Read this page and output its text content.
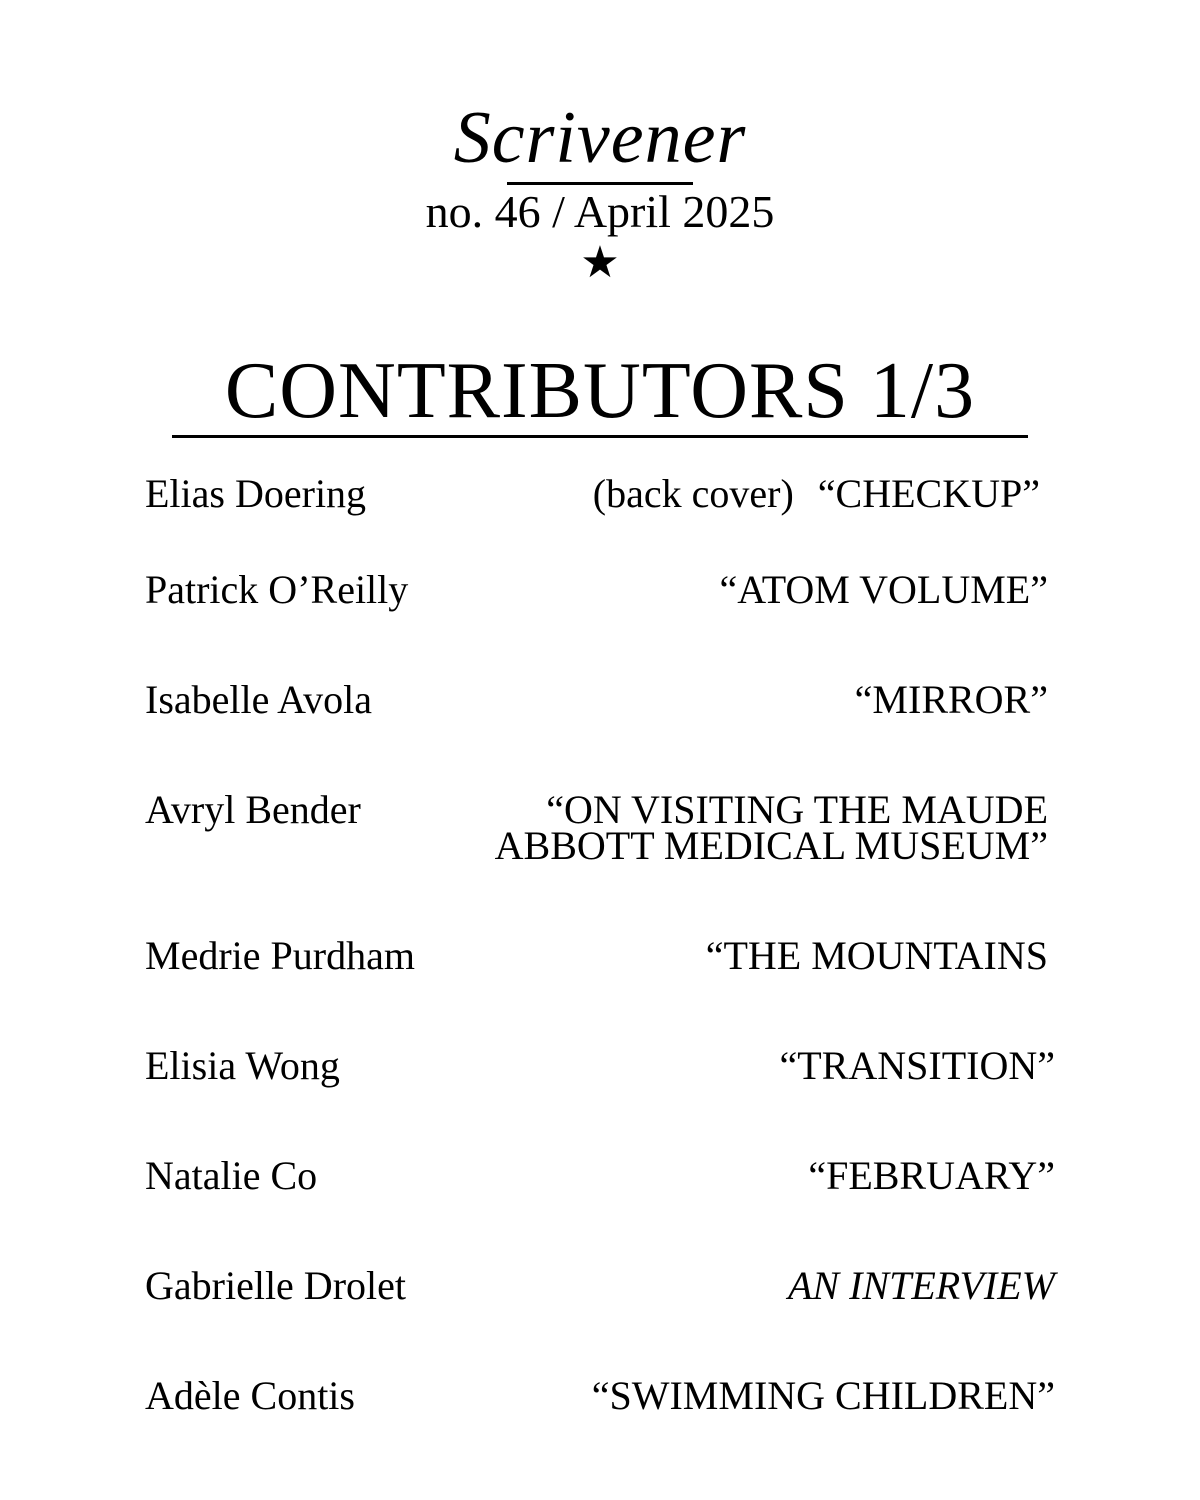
Scrivener
no. 46 / April 2025
★
CONTRIBUTORS 1/3
Elias Doering	(back cover) “CHECKUP”
Patrick O’Reilly	“ATOM VOLUME”
Isabelle Avola	“MIRROR”
Avryl Bender	“ON VISITING THE MAUDE
ABBOTT MEDICAL MUSEUM”
Medrie Purdham	“THE MOUNTAINS
Elisia Wong	“TRANSITION”
Natalie Co	“FEBRUARY”
Gabrielle Drolet	AN INTERVIEW
Adèle Contis	“SWIMMING CHILDREN”
